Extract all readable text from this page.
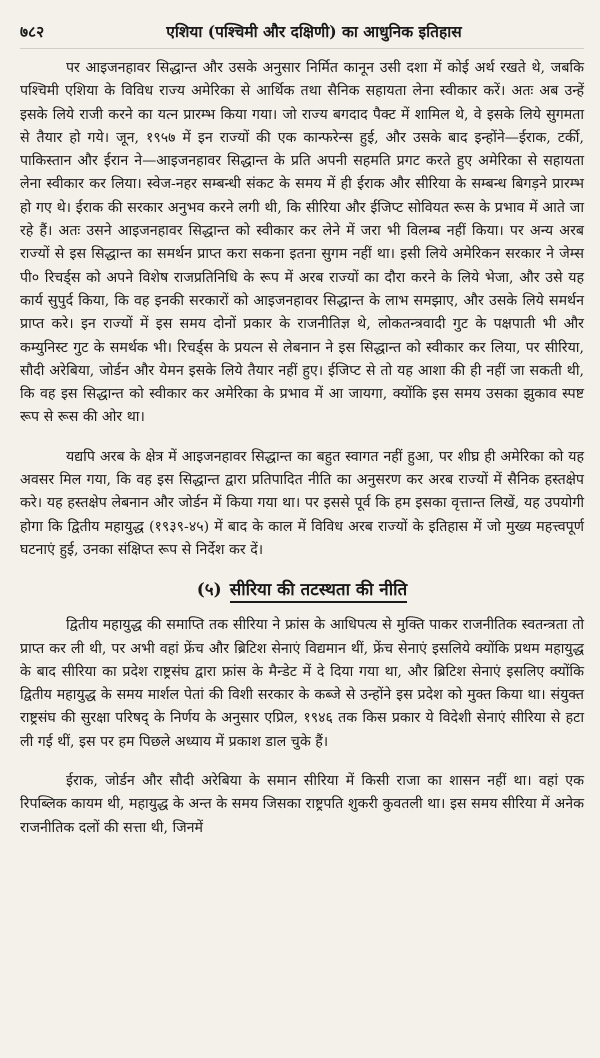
७८२	एशिया (पश्चिमी और दक्षिणी) का आधुनिक इतिहास

पर आइजनहावर सिद्धान्त और उसके अनुसार निर्मित कानून उसी दशा में कोई अर्थ रखते थे, जबकि पश्चिमी एशिया के विविध राज्य अमेरिका से आर्थिक तथा सैनिक सहायता लेना स्वीकार करें। अतः अब उन्हें इसके लिये राजी करने का यत्न प्रारम्भ किया गया। जो राज्य बगदाद पैक्ट में शामिल थे, वे इसके लिये सुगमता से तैयार हो गये। जून, १९५७ में इन राज्यों की एक कान्फरेन्स हुई, और उसके बाद इन्होंने—ईराक, टर्की, पाकिस्तान और ईरान ने—आइजनहावर सिद्धान्त के प्रति अपनी सहमति प्रगट करते हुए अमेरिका से सहायता लेना स्वीकार कर लिया। स्वेज-नहर सम्बन्धी संकट के समय में ही ईराक और सीरिया के सम्बन्ध बिगड़ने प्रारम्भ हो गए थे। ईराक की सरकार अनुभव करने लगी थी, कि सीरिया और ईजिप्ट सोवियत रूस के प्रभाव में आते जा रहे हैं। अतः उसने आइजनहावर सिद्धान्त को स्वीकार कर लेने में जरा भी विलम्ब नहीं किया। पर अन्य अरब राज्यों से इस सिद्धान्त का समर्थन प्राप्त करा सकना इतना सुगम नहीं था। इसी लिये अमेरिकन सरकार ने जेम्स पी० रिचर्ड्स को अपने विशेष राजप्रतिनिधि के रूप में अरब राज्यों का दौरा करने के लिये भेजा, और उसे यह कार्य सुपुर्द किया, कि वह इनकी सरकारों को आइजनहावर सिद्धान्त के लाभ समझाए, और उसके लिये समर्थन प्राप्त करे। इन राज्यों में इस समय दोनों प्रकार के राजनीतिज्ञ थे, लोकतन्त्रवादी गुट के पक्षपाती भी और कम्युनिस्ट गुट के समर्थक भी। रिचर्ड्स के प्रयत्न से लेबनान ने इस सिद्धान्त को स्वीकार कर लिया, पर सीरिया, सौदी अरेबिया, जोर्डन और येमन इसके लिये तैयार नहीं हुए। ईजिप्ट से तो यह आशा की ही नहीं जा सकती थी, कि वह इस सिद्धान्त को स्वीकार कर अमेरिका के प्रभाव में आ जायगा, क्योंकि इस समय उसका झुकाव स्पष्ट रूप से रूस की ओर था।

यद्यपि अरब के क्षेत्र में आइजनहावर सिद्धान्त का बहुत स्वागत नहीं हुआ, पर शीघ्र ही अमेरिका को यह अवसर मिल गया, कि वह इस सिद्धान्त द्वारा प्रतिपादित नीति का अनुसरण कर अरब राज्यों में सैनिक हस्तक्षेप करे। यह हस्तक्षेप लेबनान और जोर्डन में किया गया था। पर इससे पूर्व कि हम इसका वृत्तान्त लिखें, यह उपयोगी होगा कि द्वितीय महायुद्ध (१९३९-४५) में बाद के काल में विविध अरब राज्यों के इतिहास में जो मुख्य महत्त्वपूर्ण घटनाएं हुई, उनका संक्षिप्त रूप से निर्देश कर दें।

(५) सीरिया की तटस्थता की नीति

द्वितीय महायुद्ध की समाप्ति तक सीरिया ने फ्रांस के आधिपत्य से मुक्ति पाकर राजनीतिक स्वतन्त्रता तो प्राप्त कर ली थी, पर अभी वहां फ्रेंच और ब्रिटिश सेनाएं विद्यमान थीं, फ्रेंच सेनाएं इसलिये क्योंकि प्रथम महायुद्ध के बाद सीरिया का प्रदेश राष्ट्रसंघ द्वारा फ्रांस के मैन्डेट में दे दिया गया था, और ब्रिटिश सेनाएं इसलिए क्योंकि द्वितीय महायुद्ध के समय मार्शल पेतां की विशी सरकार के कब्जे से उन्होंने इस प्रदेश को मुक्त किया था। संयुक्त राष्ट्रसंघ की सुरक्षा परिषद् के निर्णय के अनुसार एप्रिल, १९४६ तक किस प्रकार ये विदेशी सेनाएं सीरिया से हटा ली गई थीं, इस पर हम पिछले अध्याय में प्रकाश डाल चुके हैं।

ईराक, जोर्डन और सौदी अरेबिया के समान सीरिया में किसी राजा का शासन नहीं था। वहां एक रिपब्लिक कायम थी, महायुद्ध के अन्त के समय जिसका राष्ट्रपति शुकरी कुवतली था। इस समय सीरिया में अनेक राजनीतिक दलों की सत्ता थी, जिनमें
